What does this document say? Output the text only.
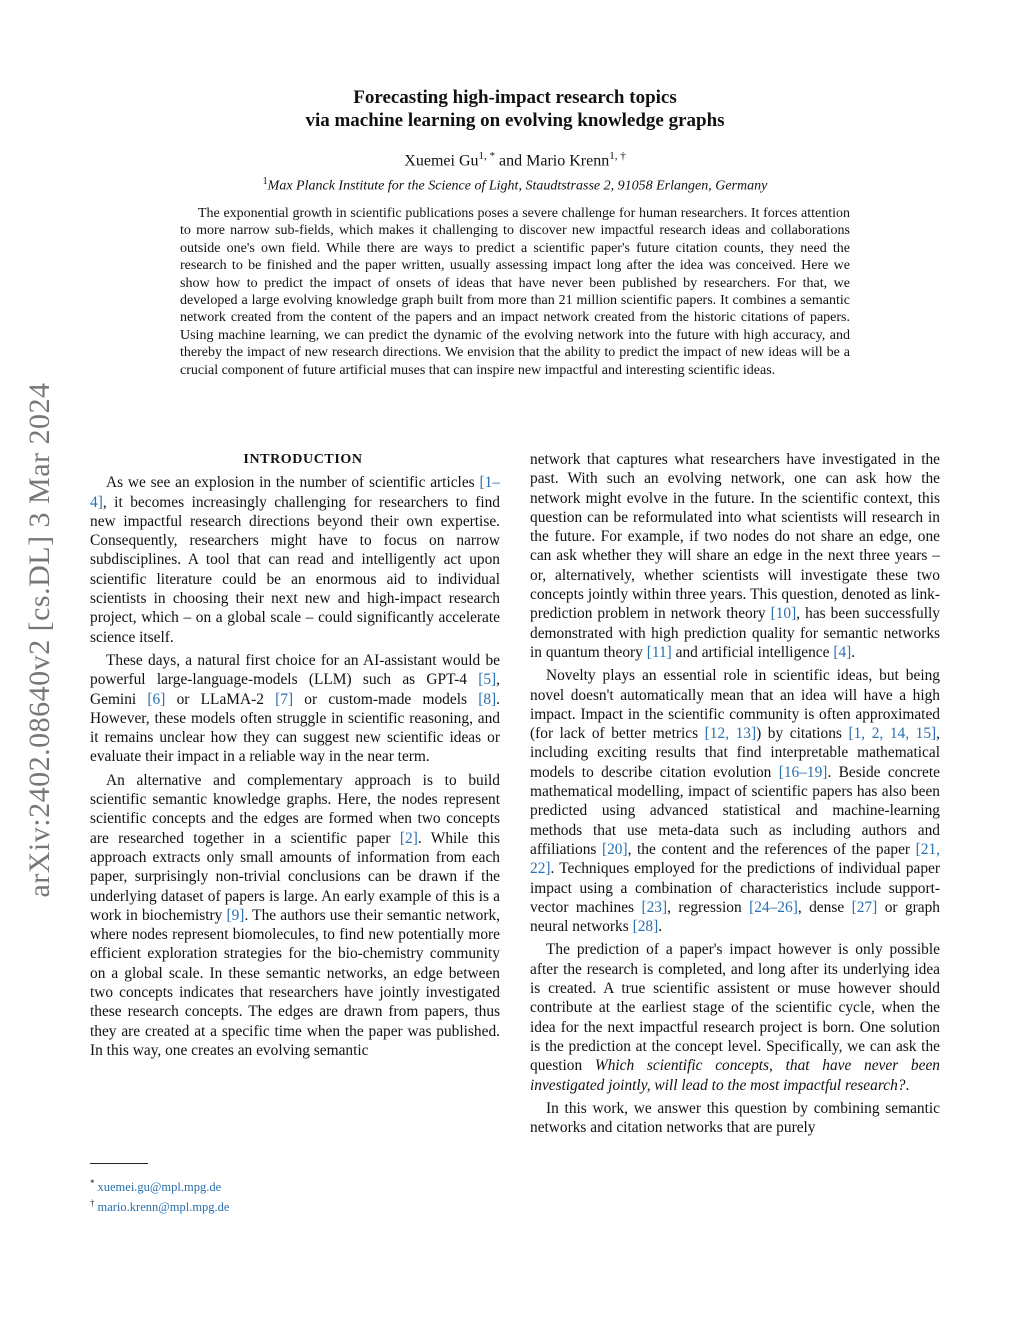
arXiv:2402.08640v2 [cs.DL] 3 Mar 2024
Forecasting high-impact research topics
via machine learning on evolving knowledge graphs
Xuemei $Gu^{1, *}$ and Mario Krenn$^{1, \dagger}$
$^1$Max Planck Institute for the Science of Light, Staudtstrasse 2, 91058 Erlangen, Germany

The exponential growth in scientific publications poses a severe challenge for human researchers. It forces attention to more narrow sub-fields, which makes it challenging to discover new impactful research ideas and collaborations outside one's own field. While there are ways to predict a scientific paper's future citation counts, they need the research to be finished and the paper written, usually assessing impact long after the idea was conceived. Here we show how to predict the impact of onsets of ideas that have never been published by researchers. For that, we developed a large evolving knowledge graph built from more than 21 million scientific papers. It combines a semantic network created from the content of the papers and an impact network created from the historic citations of papers. Using machine learning, we can predict the dynamic of the evolving network into the future with high accuracy, and thereby the impact of new research directions. We envision that the ability to predict the impact of new ideas will be a crucial component of future artificial muses that can inspire new impactful and interesting scientific ideas.

INTRODUCTION

As we see an explosion in the number of scientific articles [1–4], it becomes increasingly challenging for researchers to find new impactful research directions beyond their own expertise. Consequently, researchers might have to focus on narrow subdisciplines. A tool that can read and intelligently act upon scientific literature could be an enormous aid to individual scientists in choosing their next new and high-impact research project, which – on a global scale – could significantly accelerate science itself.

These days, a natural first choice for an AI-assistant would be powerful large-language-models (LLM) such as GPT-4 [5], Gemini [6] or LLaMA-2 [7] or custom-made models [8]. However, these models often struggle in scientific reasoning, and it remains unclear how they can suggest new scientific ideas or evaluate their impact in a reliable way in the near term.

An alternative and complementary approach is to build scientific semantic knowledge graphs. Here, the nodes represent scientific concepts and the edges are formed when two concepts are researched together in a scientific paper [2]. While this approach extracts only small amounts of information from each paper, surprisingly non-trivial conclusions can be drawn if the underlying dataset of papers is large. An early example of this is a work in biochemistry [9]. The authors use their semantic network, where nodes represent biomolecules, to find new potentially more efficient exploration strategies for the bio-chemistry community on a global scale. In these semantic networks, an edge between two concepts indicates that researchers have jointly investigated these research concepts. The edges are drawn from papers, thus they are created at a specific time when the paper was published. In this way, one creates an evolving semantic

network that captures what researchers have investigated in the past. With such an evolving network, one can ask how the network might evolve in the future. In the scientific context, this question can be reformulated into what scientists will research in the future. For example, if two nodes do not share an edge, one can ask whether they will share an edge in the next three years – or, alternatively, whether scientists will investigate these two concepts jointly within three years. This question, denoted as link-prediction problem in network theory [10], has been successfully demonstrated with high prediction quality for semantic networks in quantum theory [11] and artificial intelligence [4].

Novelty plays an essential role in scientific ideas, but being novel doesn't automatically mean that an idea will have a high impact. Impact in the scientific community is often approximated (for lack of better metrics [12, 13]) by citations [1, 2, 14, 15], including exciting results that find interpretable mathematical models to describe citation evolution [16–19]. Beside concrete mathematical modelling, impact of scientific papers has also been predicted using advanced statistical and machine-learning methods that use meta-data such as including authors and affiliations [20], the content and the references of the paper [21, 22]. Techniques employed for the predictions of individual paper impact using a combination of characteristics include support-vector machines [23], regression [24–26], dense [27] or graph neural networks [28].

The prediction of a paper's impact however is only possible after the research is completed, and long after its underlying idea is created. A true scientific assistent or muse however should contribute at the earliest stage of the scientific cycle, when the idea for the next impactful research project is born. One solution is the prediction at the concept level. Specifically, we can ask the question Which scientific concepts, that have never been investigated jointly, will lead to the most impactful research?.

In this work, we answer this question by combining semantic networks and citation networks that are purely

* xuemei.gu@mpl.mpg.de
† mario.krenn@mpl.mpg.de
